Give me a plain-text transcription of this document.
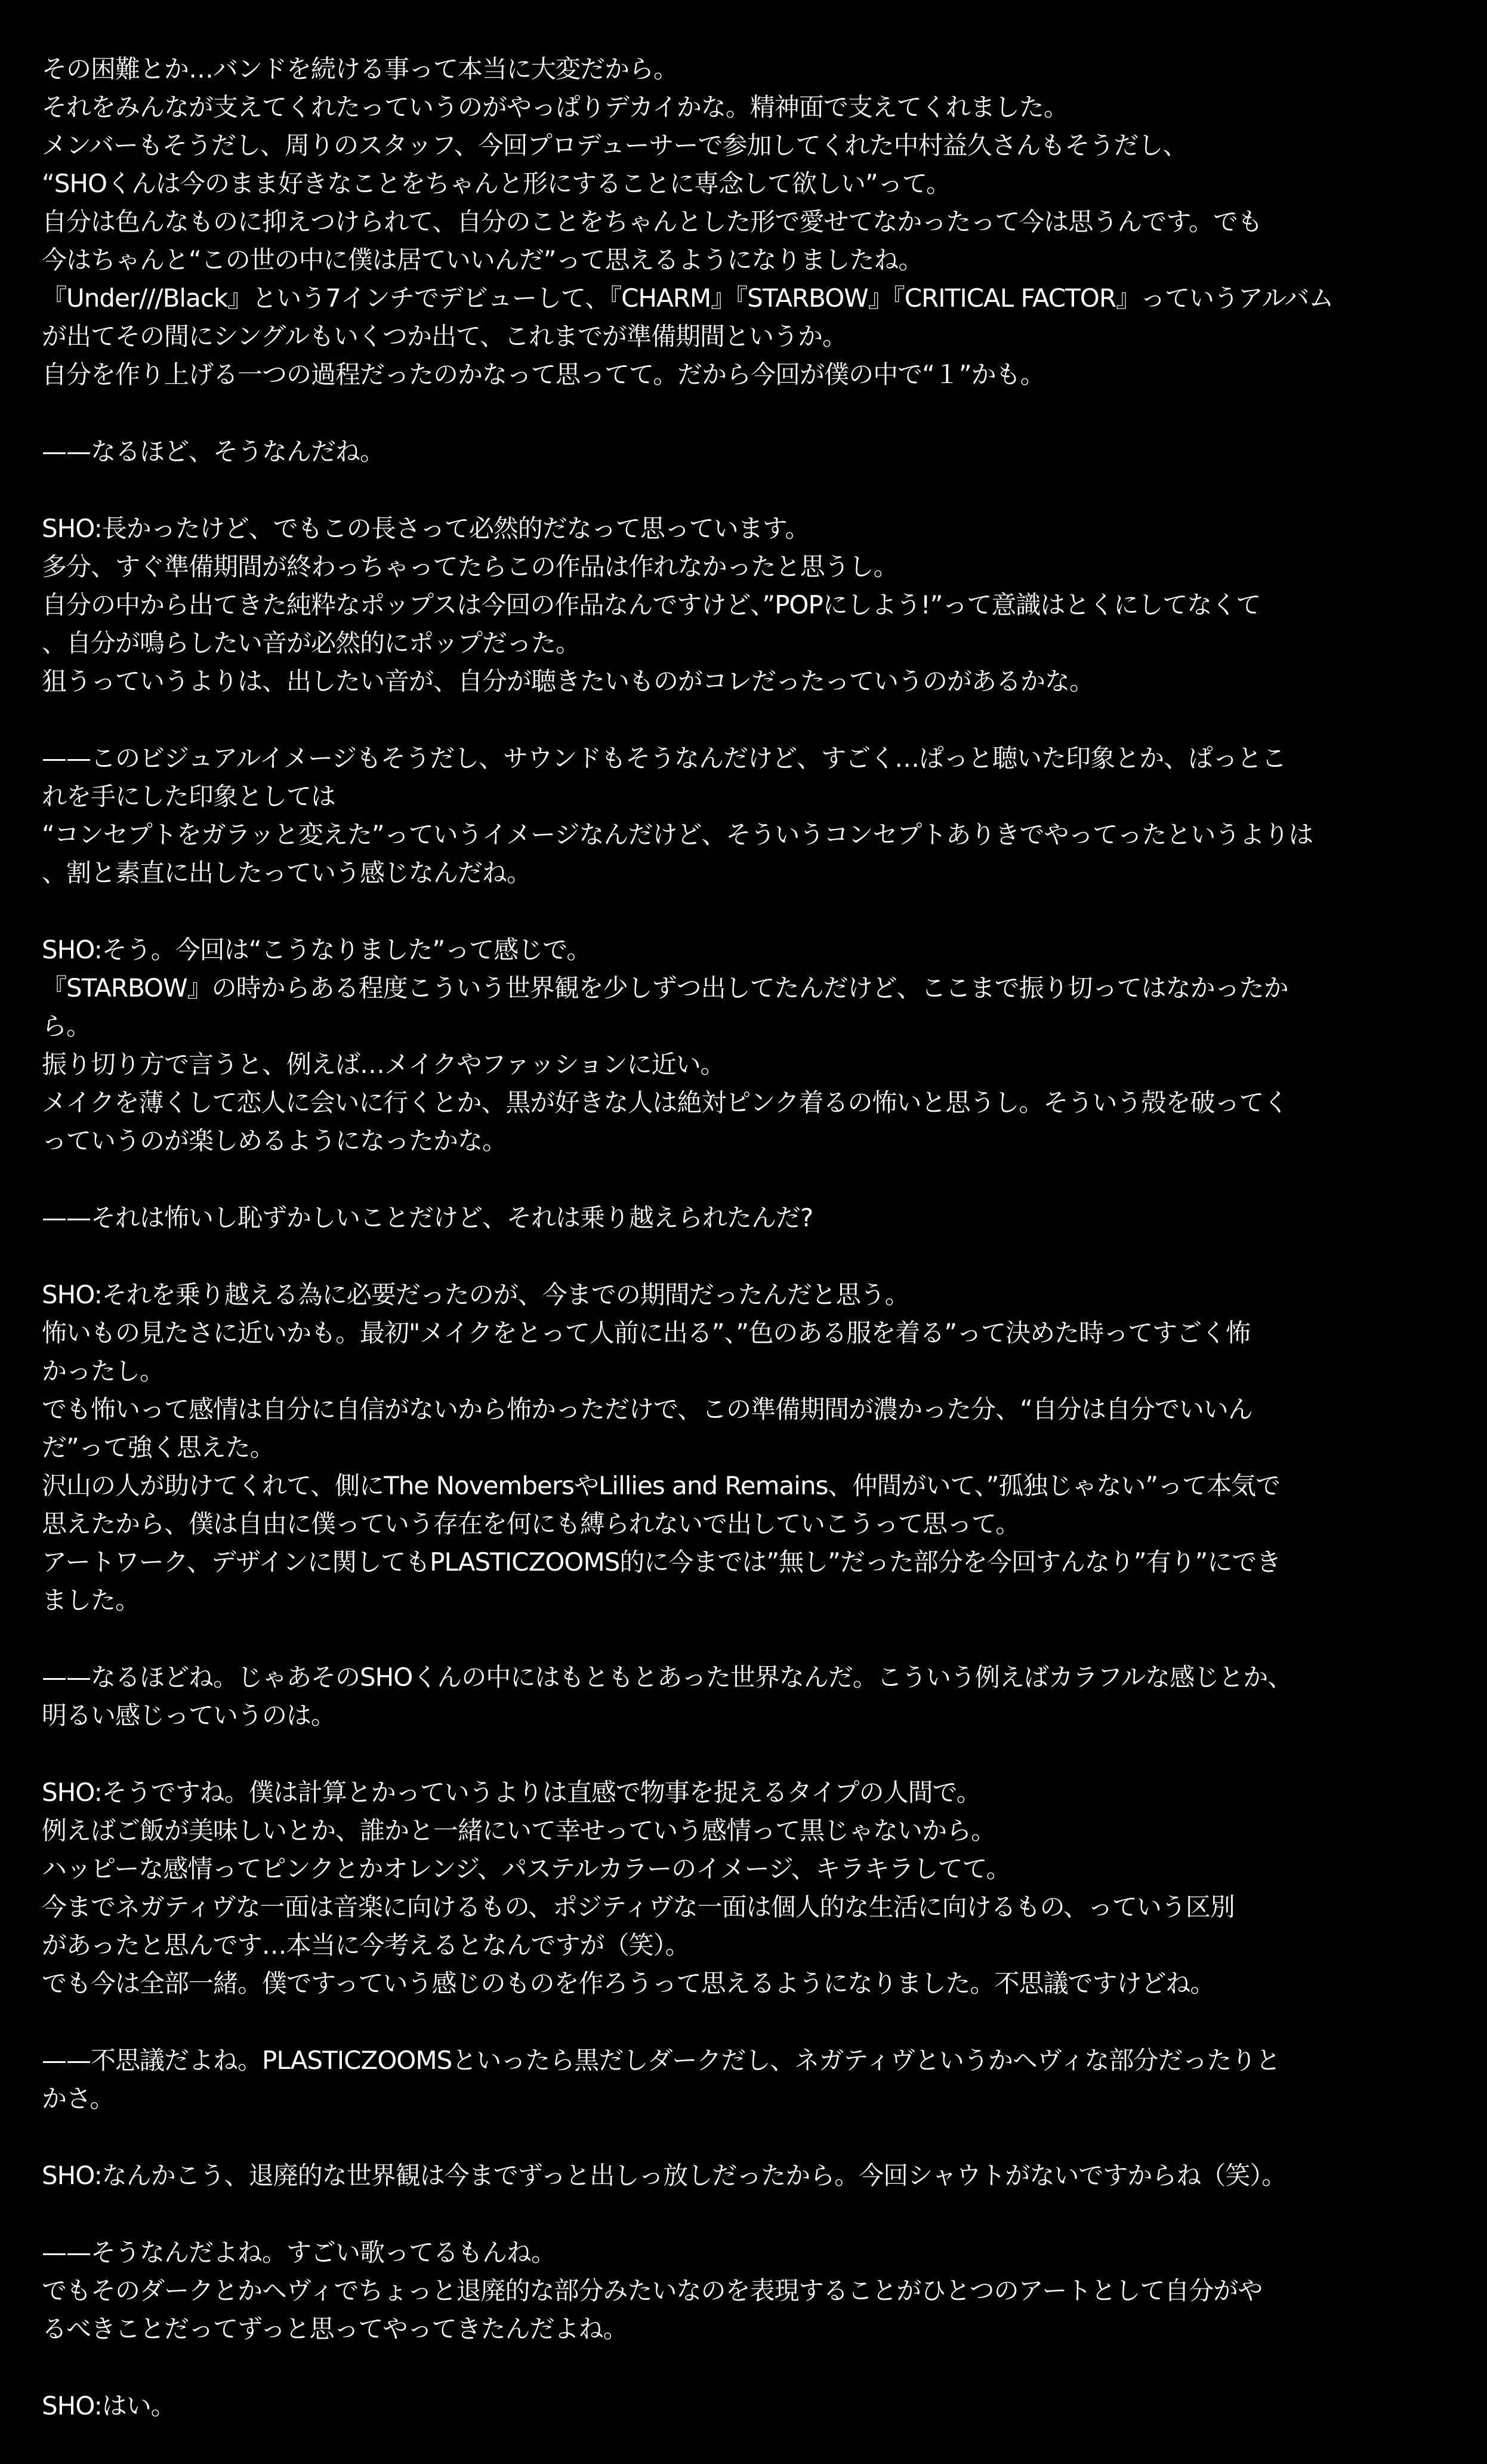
その困難とか…バンドを続ける事って本当に大変だから。
それをみんなが支えてくれたっていうのがやっぱりデカイかな。精神面で支えてくれました。
メンバーもそうだし、周りのスタッフ、今回プロデューサーで参加してくれた中村益久さんもそうだし、
“SHOくんは今のまま好きなことをちゃんと形にすることに専念して欲しい”って。
自分は色んなものに抑えつけられて、自分のことをちゃんとした形で愛せてなかったって今は思うんです。でも
今はちゃんと“この世の中に僕は居ていいんだ”って思えるようになりましたね。
『Under///Black』という7インチでデビューして、『CHARM』『STARBOW』『CRITICAL FACTOR』っていうアルバム
が出てその間にシングルもいくつか出て、これまでが準備期間というか。
自分を作り上げる一つの過程だったのかなって思ってて。だから今回が僕の中で“１”かも。
——なるほど、そうなんだね。
SHO:長かったけど、でもこの長さって必然的だなって思っています。
多分、すぐ準備期間が終わっちゃってたらこの作品は作れなかったと思うし。
自分の中から出てきた純粋なポップスは今回の作品なんですけど、”POPにしよう!”って意識はとくにしてなくて
、自分が鳴らしたい音が必然的にポップだった。
狙うっていうよりは、出したい音が、自分が聴きたいものがコレだったっていうのがあるかな。
——このビジュアルイメージもそうだし、サウンドもそうなんだけど、すごく…ぱっと聴いた印象とか、ぱっとこ
れを手にした印象としては
“コンセプトをガラッと変えた”っていうイメージなんだけど、そういうコンセプトありきでやってったというよりは
、割と素直に出したっていう感じなんだね。
SHO:そう。今回は“こうなりました”って感じで。
『STARBOW』の時からある程度こういう世界観を少しずつ出してたんだけど、ここまで振り切ってはなかったか
ら。
振り切り方で言うと、例えば…メイクやファッションに近い。
メイクを薄くして恋人に会いに行くとか、黒が好きな人は絶対ピンク着るの怖いと思うし。そういう殻を破ってく
っていうのが楽しめるようになったかな。
——それは怖いし恥ずかしいことだけど、それは乗り越えられたんだ?
SHO:それを乗り越える為に必要だったのが、今までの期間だったんだと思う。
怖いもの見たさに近いかも。最初"メイクをとって人前に出る”、”色のある服を着る”って決めた時ってすごく怖
かったし。
でも怖いって感情は自分に自信がないから怖かっただけで、この準備期間が濃かった分、“自分は自分でいいん
だ”って強く思えた。
沢山の人が助けてくれて、側にThe NovembersやLillies and Remains、仲間がいて、”孤独じゃない”って本気で
思えたから、僕は自由に僕っていう存在を何にも縛られないで出していこうって思って。
アートワーク、デザインに関してもPLASTICZOOMS的に今までは”無し”だった部分を今回すんなり”有り”にでき
ました。
——なるほどね。じゃあそのSHOくんの中にはもともとあった世界なんだ。こういう例えばカラフルな感じとか、
明るい感じっていうのは。
SHO:そうですね。僕は計算とかっていうよりは直感で物事を捉えるタイプの人間で。
例えばご飯が美味しいとか、誰かと一緒にいて幸せっていう感情って黒じゃないから。
ハッピーな感情ってピンクとかオレンジ、パステルカラーのイメージ、キラキラしてて。
今までネガティヴな一面は音楽に向けるもの、ポジティヴな一面は個人的な生活に向けるもの、っていう区別
があったと思んです…本当に今考えるとなんですが（笑）。
でも今は全部一緒。僕ですっていう感じのものを作ろうって思えるようになりました。不思議ですけどね。
——不思議だよね。PLASTICZOOMSといったら黒だしダークだし、ネガティヴというかヘヴィな部分だったりと
かさ。
SHO:なんかこう、退廃的な世界観は今までずっと出しっ放しだったから。今回シャウトがないですからね（笑）。
——そうなんだよね。すごい歌ってるもんね。
でもそのダークとかヘヴィでちょっと退廃的な部分みたいなのを表現することがひとつのアートとして自分がや
るべきことだってずっと思ってやってきたんだよね。
SHO:はい。
